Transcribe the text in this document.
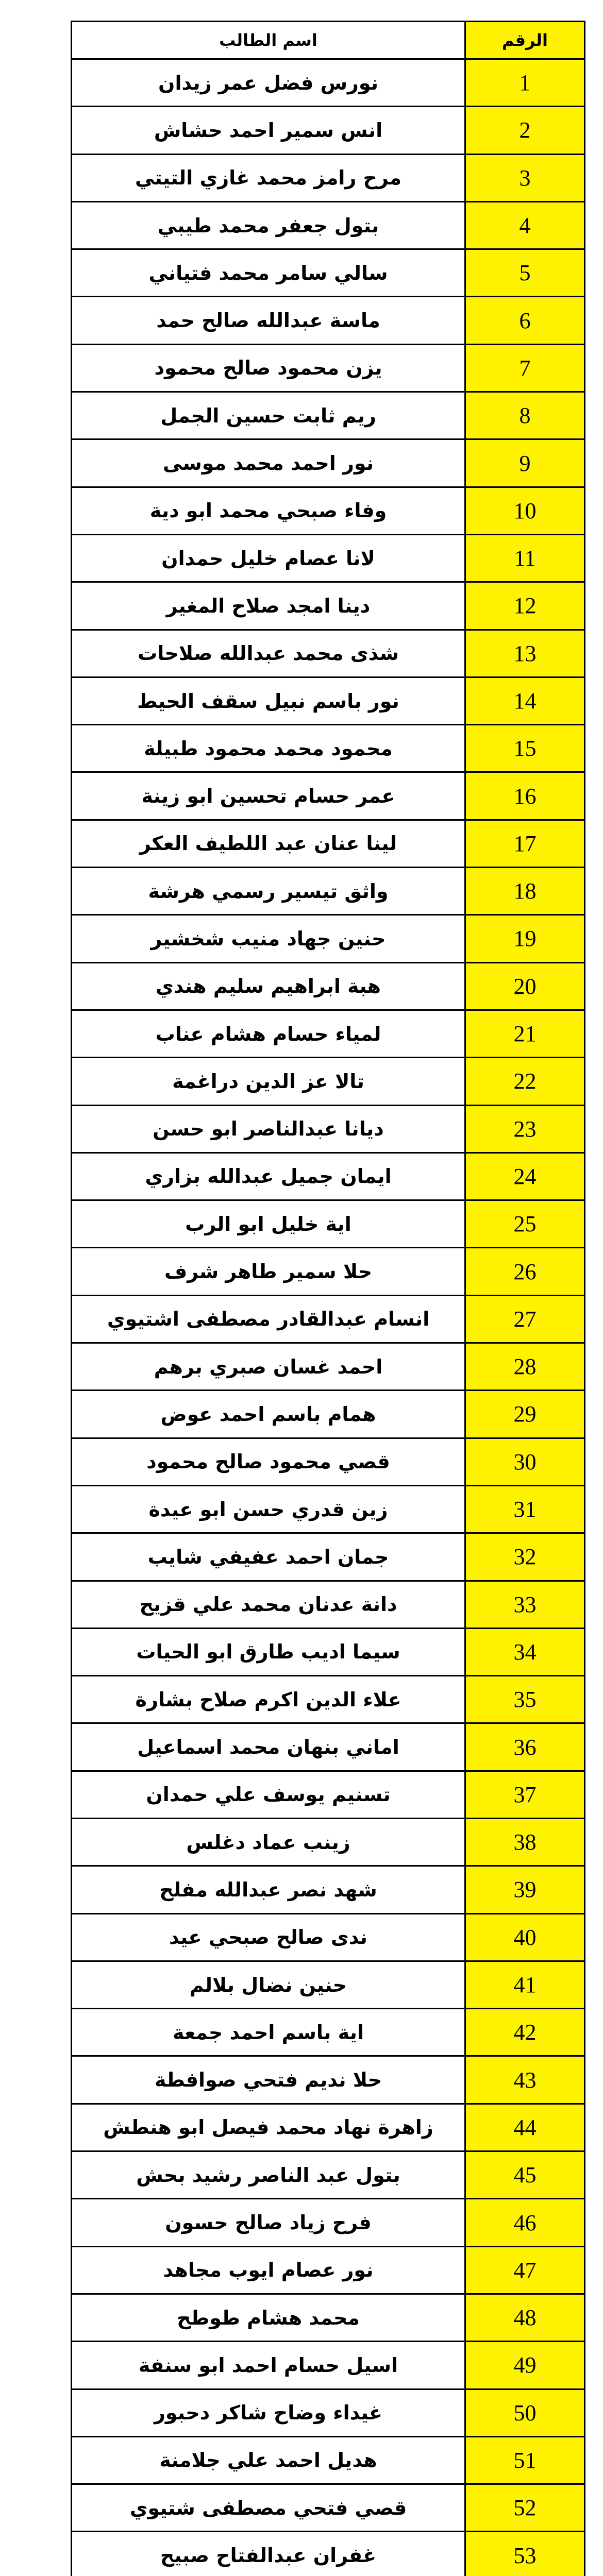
الرقم	اسم الطالب
1	نورس فضل عمر زيدان
2	انس سمير احمد حشاش
3	مرح رامز محمد غازي التيتي
4	بتول جعفر محمد طيبي
5	سالي سامر محمد فتياني
6	ماسة عبدالله صالح حمد
7	يزن محمود صالح محمود
8	ريم ثابت حسين الجمل
9	نور احمد محمد موسى
10	وفاء صبحي محمد ابو دية
11	لانا عصام خليل حمدان
12	دينا امجد صلاح المغير
13	شذى محمد عبدالله صلاحات
14	نور باسم نبيل سقف الحيط
15	محمود محمد محمود طبيلة
16	عمر حسام تحسين ابو زينة
17	لينا عنان عبد اللطيف العكر
18	واثق تيسير رسمي هرشة
19	حنين جهاد منيب شخشير
20	هبة ابراهيم سليم هندي
21	لمياء حسام هشام عناب
22	تالا عز الدين دراغمة
23	ديانا عبدالناصر ابو حسن
24	ايمان جميل عبدالله بزاري
25	اية خليل ابو الرب
26	حلا سمير طاهر شرف
27	انسام عبدالقادر مصطفى اشتيوي
28	احمد غسان صبري برهم
29	همام باسم احمد عوض
30	قصي محمود صالح محمود
31	زين قدري حسن ابو عيدة
32	جمان احمد عفيفي شايب
33	دانة عدنان محمد علي قزيح
34	سيما اديب طارق ابو الحيات
35	علاء الدين اكرم صلاح بشارة
36	اماني بنهان محمد اسماعيل
37	تسنيم يوسف علي حمدان
38	زينب عماد دغلس
39	شهد نصر عبدالله مفلح
40	ندى صالح صبحي عيد
41	حنين نضال بلالم
42	اية باسم احمد جمعة
43	حلا نديم فتحي صوافطة
44	زاهرة نهاد محمد فيصل ابو هنطش
45	بتول عبد الناصر رشيد بحش
46	فرح زياد صالح حسون
47	نور عصام ايوب مجاهد
48	محمد هشام طوطح
49	اسيل حسام احمد ابو سنفة
50	غيداء وضاح شاكر دحبور
51	هديل احمد علي جلامنة
52	قصي فتحي مصطفى شتيوي
53	غفران عبدالفتاح صبيح
